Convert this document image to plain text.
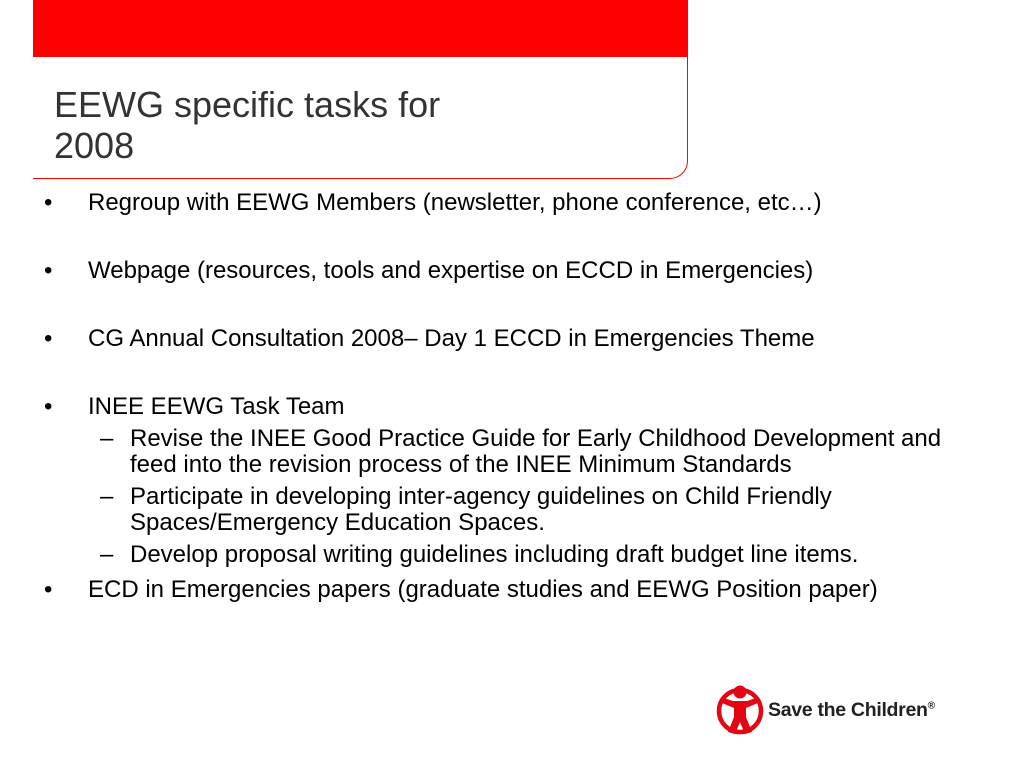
EEWG specific tasks for
2008
•	Regroup with EEWG Members (newsletter, phone conference, etc…)
•	Webpage (resources, tools and expertise on ECCD in Emergencies)
•	CG Annual Consultation 2008– Day 1 ECCD in Emergencies Theme
•	INEE EEWG Task Team
– Revise the INEE Good Practice Guide for Early Childhood Development and feed into the revision process of the INEE Minimum Standards
– Participate in developing inter-agency guidelines on Child Friendly Spaces/Emergency Education Spaces.
– Develop proposal writing guidelines including draft budget line items.
•	ECD in Emergencies papers (graduate studies and EEWG Position paper)
Save the Children®
